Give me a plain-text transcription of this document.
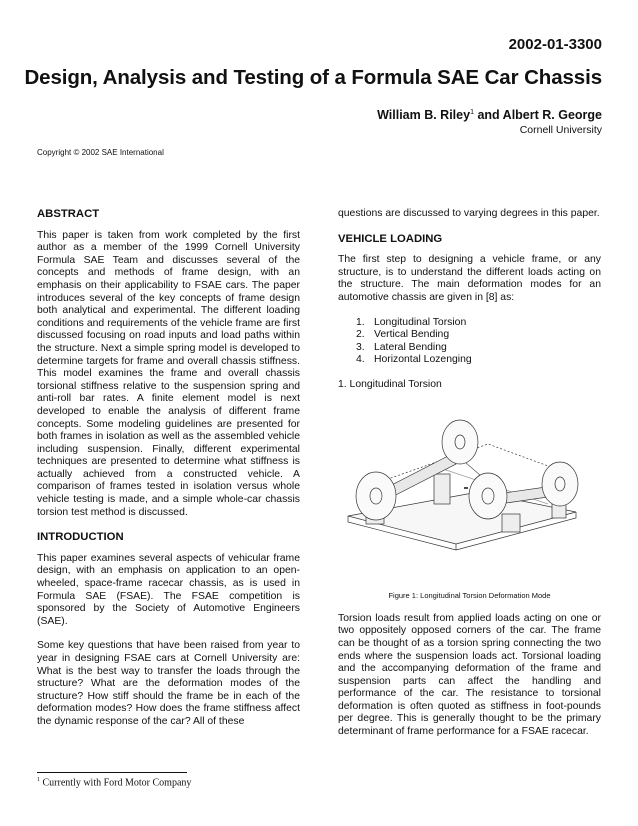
2002-01-3300
Design, Analysis and Testing of a Formula SAE Car Chassis
William B. Riley$^1$ and Albert R. George
Cornell University
Copyright © 2002 SAE International
ABSTRACT
This paper is taken from work completed by the first author as a member of the 1999 Cornell University Formula SAE Team and discusses several of the concepts and methods of frame design, with an emphasis on their applicability to FSAE cars. The paper introduces several of the key concepts of frame design both analytical and experimental. The different loading conditions and requirements of the vehicle frame are first discussed focusing on road inputs and load paths within the structure. Next a simple spring model is developed to determine targets for frame and overall chassis stiffness. This model examines the frame and overall chassis torsional stiffness relative to the suspension spring and anti-roll bar rates. A finite element model is next developed to enable the analysis of different frame concepts. Some modeling guidelines are presented for both frames in isolation as well as the assembled vehicle including suspension. Finally, different experimental techniques are presented to determine what stiffness is actually achieved from a constructed vehicle. A comparison of frames tested in isolation versus whole vehicle testing is made, and a simple whole-car chassis torsion test method is discussed.
INTRODUCTION
This paper examines several aspects of vehicular frame design, with an emphasis on application to an open-wheeled, space-frame racecar chassis, as is used in Formula SAE (FSAE). The FSAE competition is sponsored by the Society of Automotive Engineers (SAE).
Some key questions that have been raised from year to year in designing FSAE cars at Cornell University are: What is the best way to transfer the loads through the structure? What are the deformation modes of the structure? How stiff should the frame be in each of the deformation modes? How does the frame stiffness affect the dynamic response of the car? All of these
questions are discussed to varying degrees in this paper.
VEHICLE LOADING
The first step to designing a vehicle frame, or any structure, is to understand the different loads acting on the structure. The main deformation modes for an automotive chassis are given in [8] as:
1. Longitudinal Torsion
2. Vertical Bending
3. Lateral Bending
4. Horizontal Lozenging
1. Longitudinal Torsion
Figure 1: Longitudinal Torsion Deformation Mode
Torsion loads result from applied loads acting on one or two oppositely opposed corners of the car. The frame can be thought of as a torsion spring connecting the two ends where the suspension loads act. Torsional loading and the accompanying deformation of the frame and suspension parts can affect the handling and performance of the car. The resistance to torsional deformation is often quoted as stiffness in foot-pounds per degree. This is generally thought to be the primary determinant of frame performance for a FSAE racecar.
$^1$ Currently with Ford Motor Company
